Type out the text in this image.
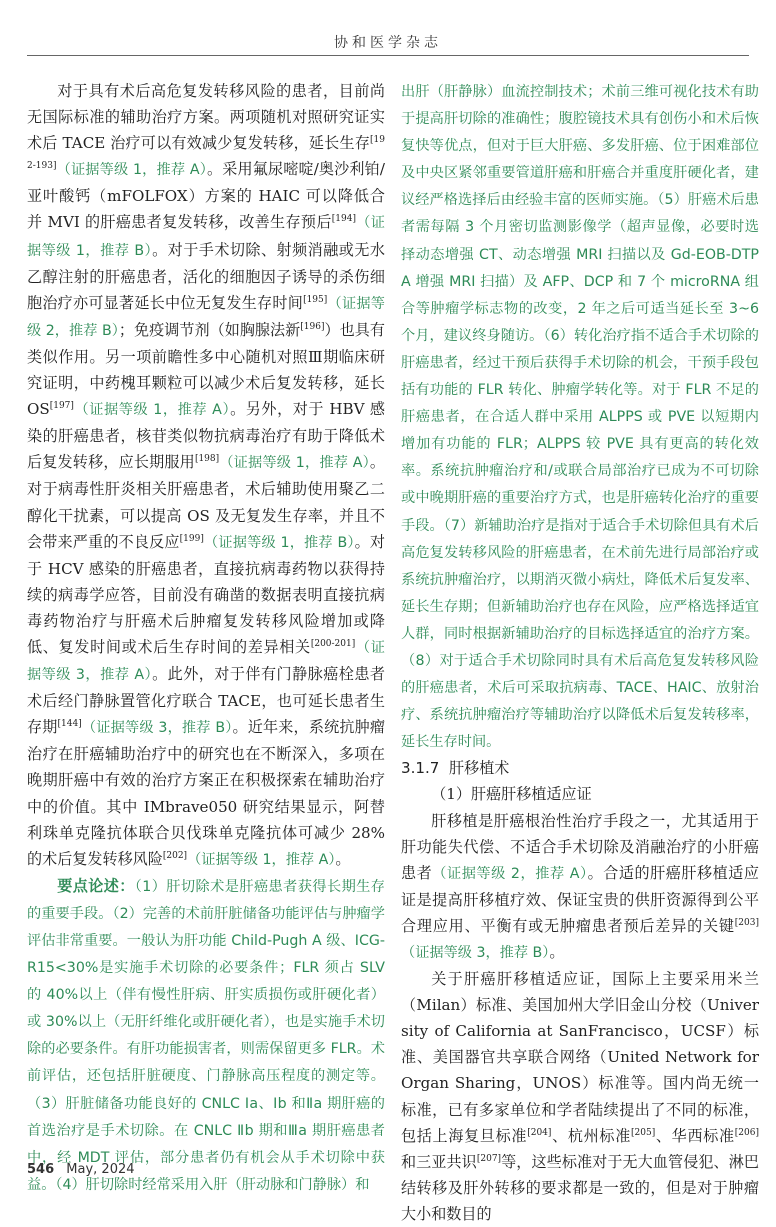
协和医学杂志

对于具有术后高危复发转移风险的患者，目前尚无国际标准的辅助治疗方案。两项随机对照研究证实术后 TACE 治疗可以有效减少复发转移，延长生存[192-193]（证据等级 1，推荐 A）。采用氟尿嘧啶/奥沙利铂/亚叶酸钙（mFOLFOX）方案的 HAIC 可以降低合并 MVI 的肝癌患者复发转移，改善生存预后[194]（证据等级 1，推荐 B）。对于手术切除、射频消融或无水乙醇注射的肝癌患者，活化的细胞因子诱导的杀伤细胞治疗亦可显著延长中位无复发生存时间[195]（证据等级 2，推荐 B）；免疫调节剂（如胸腺法新[196]）也具有类似作用。另一项前瞻性多中心随机对照Ⅲ期临床研究证明，中药槐耳颗粒可以减少术后复发转移，延长 OS[197]（证据等级 1，推荐 A）。另外，对于 HBV 感染的肝癌患者，核苷类似物抗病毒治疗有助于降低术后复发转移，应长期服用[198]（证据等级 1，推荐 A）。对于病毒性肝炎相关肝癌患者，术后辅助使用聚乙二醇化干扰素，可以提高 OS 及无复发生存率，并且不会带来严重的不良反应[199]（证据等级 1，推荐 B）。对于 HCV 感染的肝癌患者，直接抗病毒药物以获得持续的病毒学应答，目前没有确凿的数据表明直接抗病毒药物治疗与肝癌术后肿瘤复发转移风险增加或降低、复发时间或术后生存时间的差异相关[200-201]（证据等级 3，推荐 A）。此外，对于伴有门静脉癌栓患者术后经门静脉置管化疗联合 TACE，也可延长患者生存期[144]（证据等级 3，推荐 B）。近年来，系统抗肿瘤治疗在肝癌辅助治疗中的研究也在不断深入，多项在晚期肝癌中有效的治疗方案正在积极探索在辅助治疗中的价值。其中 IMbrave050 研究结果显示，阿替利珠单克隆抗体联合贝伐珠单克隆抗体可减少 28% 的术后复发转移风险[202]（证据等级 1，推荐 A）。

要点论述：（1）肝切除术是肝癌患者获得长期生存的重要手段。（2）完善的术前肝脏储备功能评估与肿瘤学评估非常重要。一般认为肝功能 Child-Pugh A 级、ICG-R15<30%是实施手术切除的必要条件；FLR 须占 SLV 的 40%以上（伴有慢性肝病、肝实质损伤或肝硬化者）或 30%以上（无肝纤维化或肝硬化者），也是实施手术切除的必要条件。有肝功能损害者，则需保留更多 FLR。术前评估，还包括肝脏硬度、门静脉高压程度的测定等。（3）肝脏储备功能良好的 CNLC Ⅰa、Ⅰb 和Ⅱa 期肝癌的首选治疗是手术切除。在 CNLC Ⅱb 期和Ⅲa 期肝癌患者中，经 MDT 评估，部分患者仍有机会从手术切除中获益。（4）肝切除时经常采用入肝（肝动脉和门静脉）和

出肝（肝静脉）血流控制技术；术前三维可视化技术有助于提高肝切除的准确性；腹腔镜技术具有创伤小和术后恢复快等优点，但对于巨大肝癌、多发肝癌、位于困难部位及中央区紧邻重要管道肝癌和肝癌合并重度肝硬化者，建议经严格选择后由经验丰富的医师实施。（5）肝癌术后患者需每隔 3 个月密切监测影像学（超声显像，必要时选择动态增强 CT、动态增强 MRI 扫描以及 Gd-EOB-DTPA 增强 MRI 扫描）及 AFP、DCP 和 7 个 microRNA 组合等肿瘤学标志物的改变，2 年之后可适当延长至 3~6 个月，建议终身随访。（6）转化治疗指不适合手术切除的肝癌患者，经过干预后获得手术切除的机会，干预手段包括有功能的 FLR 转化、肿瘤学转化等。对于 FLR 不足的肝癌患者，在合适人群中采用 ALPPS 或 PVE 以短期内增加有功能的 FLR；ALPPS 较 PVE 具有更高的转化效率。系统抗肿瘤治疗和/或联合局部治疗已成为不可切除或中晚期肝癌的重要治疗方式，也是肝癌转化治疗的重要手段。（7）新辅助治疗是指对于适合手术切除但具有术后高危复发转移风险的肝癌患者，在术前先进行局部治疗或系统抗肿瘤治疗，以期消灭微小病灶，降低术后复发率、延长生存期；但新辅助治疗也存在风险，应严格选择适宜人群，同时根据新辅助治疗的目标选择适宜的治疗方案。（8）对于适合手术切除同时具有术后高危复发转移风险的肝癌患者，术后可采取抗病毒、TACE、HAIC、放射治疗、系统抗肿瘤治疗等辅助治疗以降低术后复发转移率，延长生存时间。

3.1.7 肝移植术

（1）肝癌肝移植适应证

肝移植是肝癌根治性治疗手段之一，尤其适用于肝功能失代偿、不适合手术切除及消融治疗的小肝癌患者（证据等级 2，推荐 A）。合适的肝癌肝移植适应证是提高肝移植疗效、保证宝贵的供肝资源得到公平合理应用、平衡有或无肿瘤患者预后差异的关键[203]（证据等级 3，推荐 B）。

关于肝癌肝移植适应证，国际上主要采用米兰（Milan）标准、美国加州大学旧金山分校（University of California at SanFrancisco，UCSF）标准、美国器官共享联合网络（United Network for Organ Sharing，UNOS）标准等。国内尚无统一标准，已有多家单位和学者陆续提出了不同的标准，包括上海复旦标准[204]、杭州标准[205]、华西标准[206]和三亚共识[207]等，这些标准对于无大血管侵犯、淋巴结转移及肝外转移的要求都是一致的，但是对于肿瘤大小和数目的

546 May, 2024
